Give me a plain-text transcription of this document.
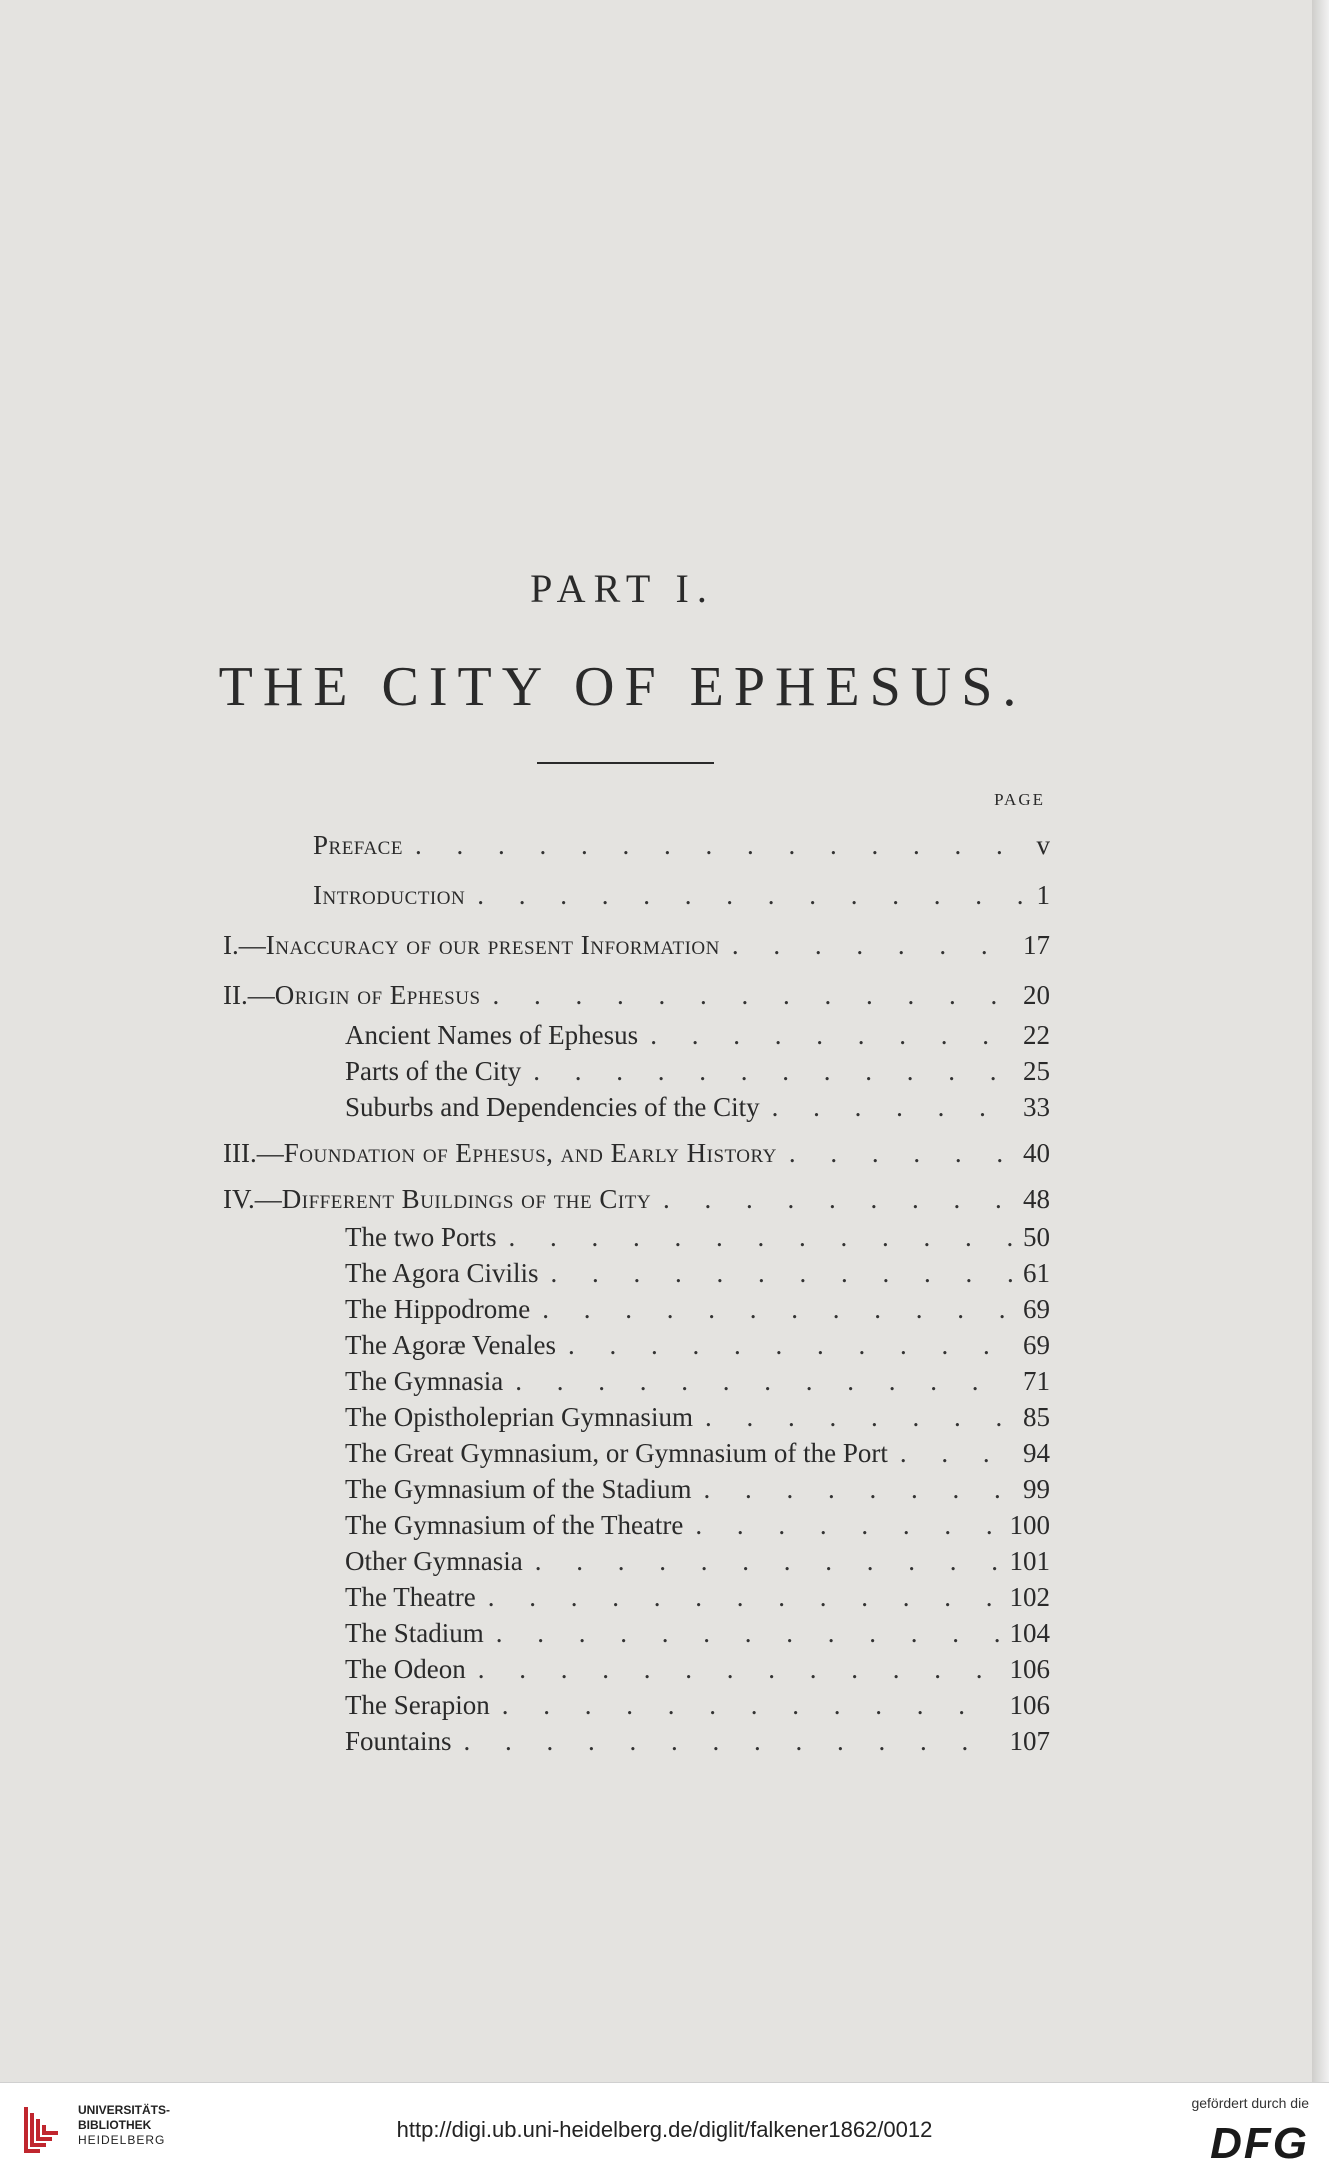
PART I.
THE CITY OF EPHESUS.
PAGE
Preface . . .	v
Introduction . . .	1
I.— Inaccuracy of our present Information . . .	17
II.— Origin of Ephesus . . .	20
Ancient Names of Ephesus . . .	22
Parts of the City . . .	25
Suburbs and Dependencies of the City . . .	33
III.— Foundation of Ephesus, and Early History . . .	40
IV.— Different Buildings of the City . . .	48
The two Ports . . .	50
The Agora Civilis . . .	61
The Hippodrome . . .	69
The Agoræ Venales . . .	69
The Gymnasia . . .	71
The Opistholeprian Gymnasium . . .	85
The Great Gymnasium, or Gymnasium of the Port . . .	94
The Gymnasium of the Stadium . . .	99
The Gymnasium of the Theatre . . .	100
Other Gymnasia . . .	101
The Theatre . . .	102
The Stadium . . .	104
The Odeon . . .	106
The Serapion . . .	106
Fountains . . .	107
UNIVERSITÄTS-
BIBLIOTHEK
HEIDELBERG	http://digi.ub.uni-heidelberg.de/diglit/falkener1862/0012
gefördert durch die
DFG
